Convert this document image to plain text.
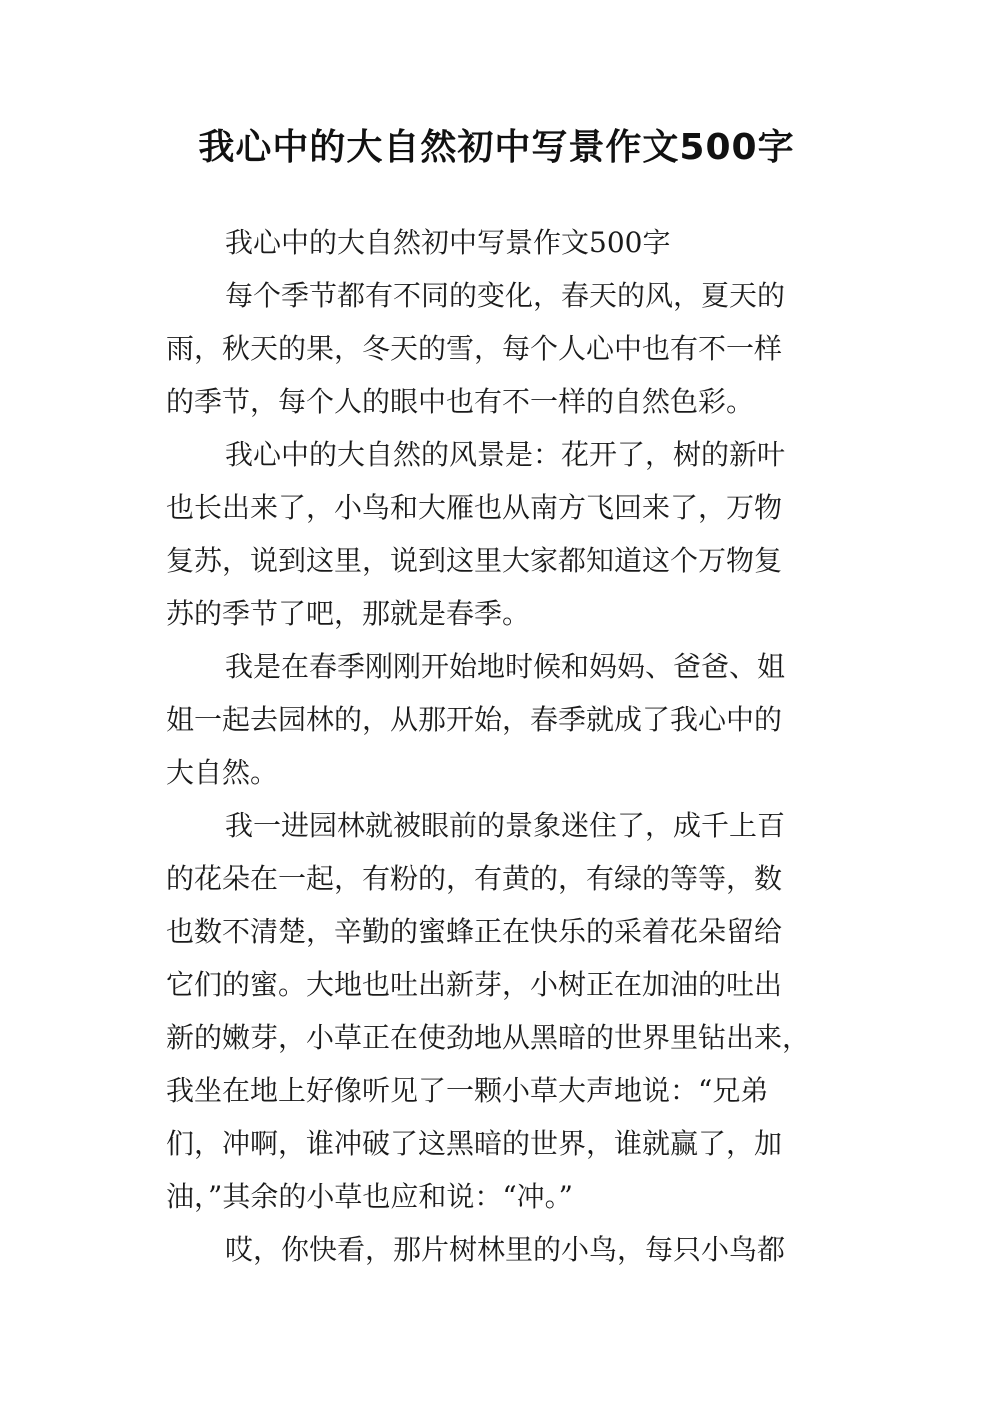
我心中的大自然初中写景作文500字
我心中的大自然初中写景作文500字
每个季节都有不同的变化，春天的风，夏天的
雨，秋天的果，冬天的雪，每个人心中也有不一样
的季节，每个人的眼中也有不一样的自然色彩。
我心中的大自然的风景是：花开了，树的新叶
也长出来了，小鸟和大雁也从南方飞回来了，万物
复苏，说到这里，说到这里大家都知道这个万物复
苏的季节了吧，那就是春季。
我是在春季刚刚开始地时候和妈妈、爸爸、姐
姐一起去园林的，从那开始，春季就成了我心中的
大自然。
我一进园林就被眼前的景象迷住了，成千上百
的花朵在一起，有粉的，有黄的，有绿的等等，数
也数不清楚，辛勤的蜜蜂正在快乐的采着花朵留给
它们的蜜。大地也吐出新芽，小树正在加油的吐出
新的嫩芽，小草正在使劲地从黑暗的世界里钻出来，
我坐在地上好像听见了一颗小草大声地说：“兄弟
们，冲啊，谁冲破了这黑暗的世界，谁就赢了，加
油，”其余的小草也应和说：“冲。”
哎，你快看，那片树林里的小鸟，每只小鸟都
